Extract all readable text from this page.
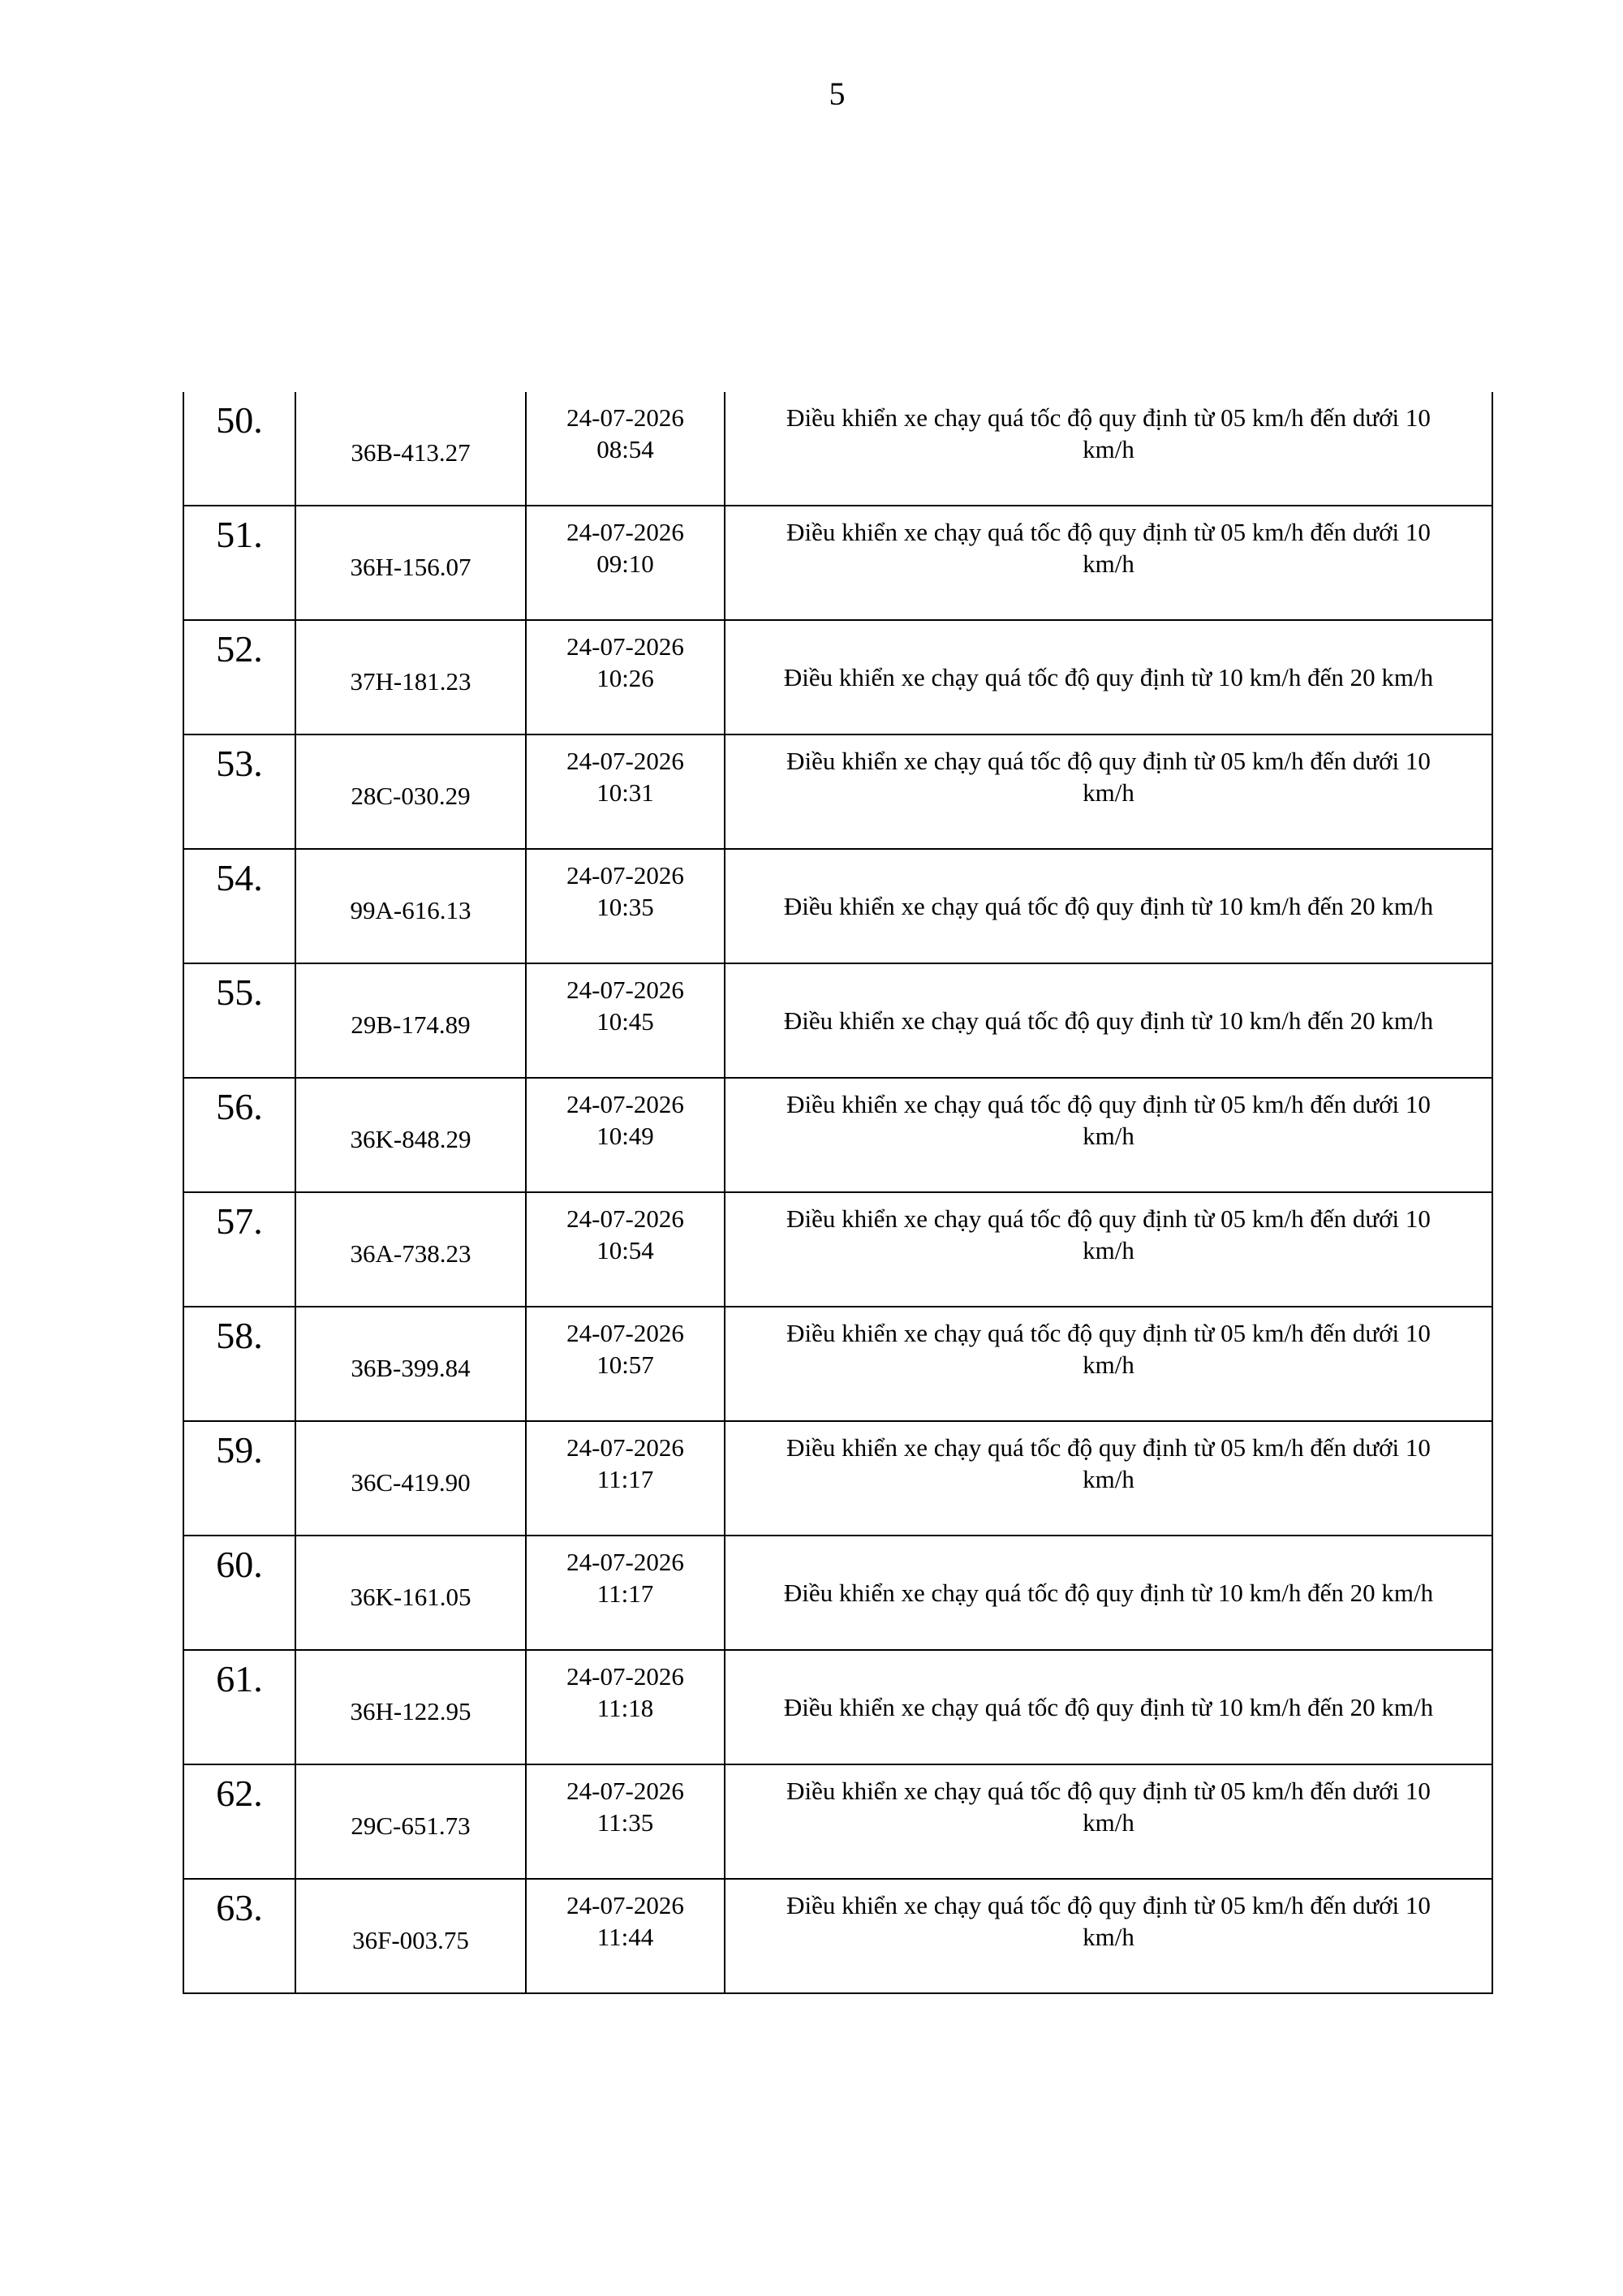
5
50.	36B-413.27	24-07-2026
08:54	Điều khiển xe chạy quá tốc độ quy định từ 05 km/h đến dưới 10
km/h

51.	36H-156.07	24-07-2026
09:10	Điều khiển xe chạy quá tốc độ quy định từ 05 km/h đến dưới 10
km/h

52.	37H-181.23	24-07-2026
10:26	Điều khiển xe chạy quá tốc độ quy định từ 10 km/h đến 20 km/h

53.	28C-030.29	24-07-2026
10:31	Điều khiển xe chạy quá tốc độ quy định từ 05 km/h đến dưới 10
km/h

54.	99A-616.13	24-07-2026
10:35	Điều khiển xe chạy quá tốc độ quy định từ 10 km/h đến 20 km/h

55.	29B-174.89	24-07-2026
10:45	Điều khiển xe chạy quá tốc độ quy định từ 10 km/h đến 20 km/h

56.	36K-848.29	24-07-2026
10:49	Điều khiển xe chạy quá tốc độ quy định từ 05 km/h đến dưới 10
km/h

57.	36A-738.23	24-07-2026
10:54	Điều khiển xe chạy quá tốc độ quy định từ 05 km/h đến dưới 10
km/h

58.	36B-399.84	24-07-2026
10:57	Điều khiển xe chạy quá tốc độ quy định từ 05 km/h đến dưới 10
km/h

59.	36C-419.90	24-07-2026
11:17	Điều khiển xe chạy quá tốc độ quy định từ 05 km/h đến dưới 10
km/h

60.	36K-161.05	24-07-2026
11:17	Điều khiển xe chạy quá tốc độ quy định từ 10 km/h đến 20 km/h

61.	36H-122.95	24-07-2026
11:18	Điều khiển xe chạy quá tốc độ quy định từ 10 km/h đến 20 km/h

62.	29C-651.73	24-07-2026
11:35	Điều khiển xe chạy quá tốc độ quy định từ 05 km/h đến dưới 10
km/h

63.	36F-003.75	24-07-2026
11:44	Điều khiển xe chạy quá tốc độ quy định từ 05 km/h đến dưới 10
km/h
